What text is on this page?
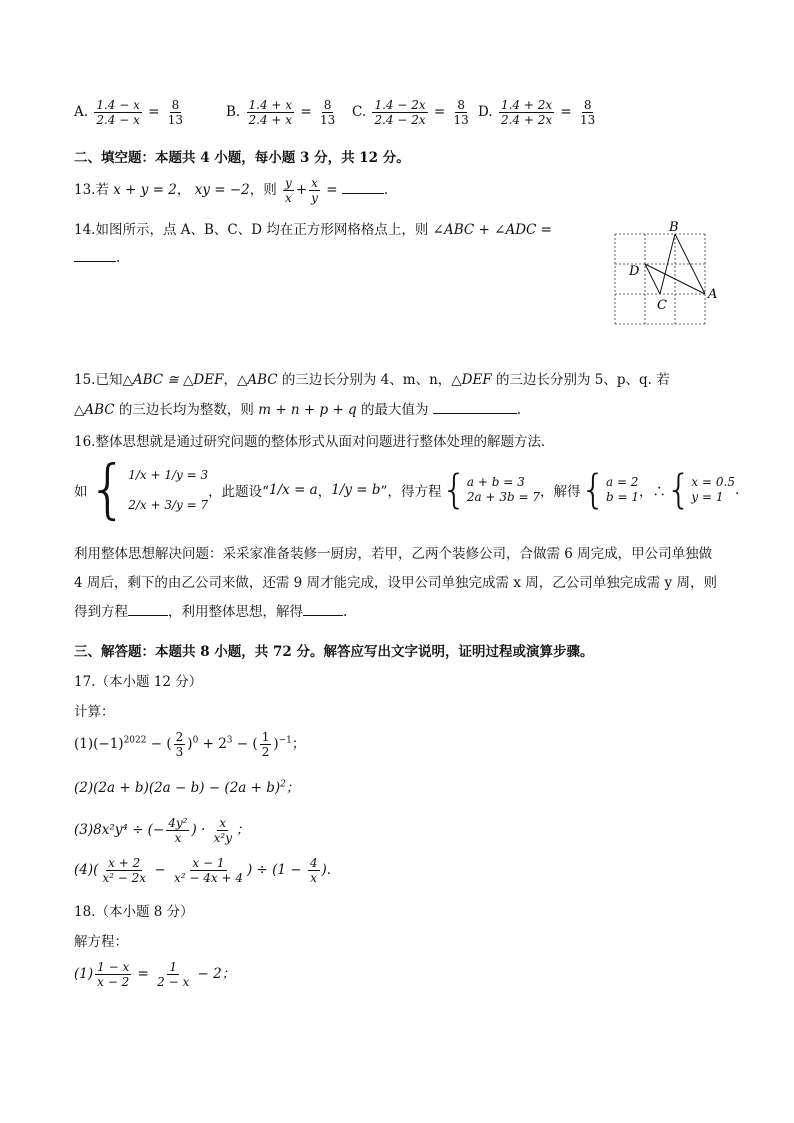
A. $\frac{1.4 - x}{2.4 - x} = \frac{8}{13}$	B. $\frac{1.4 + x}{2.4 + x} = \frac{8}{13} C$. $\frac{1.4 - 2x}{2.4 - 2x} = \frac{8}{13} D$. $\frac{1.4 + 2x}{2.4 + 2x} = \frac{8}{13}$
二、填空题：本题共 4 小题，每小题 3 分，共 12 分。
13.若 x + y = 2， xy = −2，则 $\frac{y}{x} + \frac{x}{y}$ =	.
14.如图所示，点 A、B、C、D 均在正方形网格格点上，则 ∠ABC + ∠ADC =
.
B
D
C
A
15.已知△ABC ≅ △DEF，△ABC 的三边长分别为 4、m、n，△DEF 的三边长分别为 5、p、q. 若
△ABC 的三边长均为整数，则 m + n + p + q 的最大值为	.
16.整体思想就是通过研究问题的整体形式从面对问题进行整体处理的解题方法．
如 { 1/x + 1/y = 3
2/x + 3/y = 7
，此题设“ 1/x = a ， 1/y = b ”，得方程 { a + b = 3
2a + 3b = 7 ，解得 { a = 2
b = 1 ，∴ { x = 0.5
y = 1 .
利用整体思想解决问题：采采家准备装修一厨房，若甲，乙两个装修公司，合做需 6 周完成，甲公司单独做 4 周后，剩下的由乙公司来做，还需 9 周才能完成，设甲公司单独完成需 x 周，乙公司单独完成需 y 周，则得到方程	，利用整体思想，解得	.
三、解答题：本题共 8 小题，共 72 分。解答应写出文字说明，证明过程或演算步骤。
17.（本小题 12 分）
计算：
$(1)(-1)^{2022}$ − ( $\frac{2}{3} )^0 + 2^3$ − ( $\frac{1}{2} )^{-1}$；
$(2)(2a + b)(2a - b) - (2a + b)^2$；
(3)8x²y⁴ ÷ (− $\frac{\text{4y²}}{x}$ ) · $\frac{x}{\text{x²y}}$ ；
$(4)( \frac{x + 2}{\text{x² − 2x}} - \frac{x - 1}{\text{x² − 4x + 4}}$ ) ÷ ($1 - \frac{4}{x}$ ).
18.（本小题 8 分）
解方程：
$(1) \frac{1 - x}{x - 2} = \frac{1}{2 - x} - 2$；
